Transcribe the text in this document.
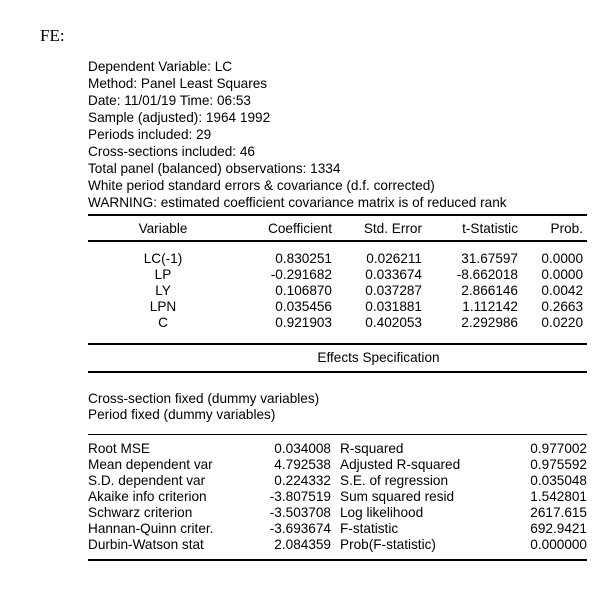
FE:
Dependent Variable: LC
Method: Panel Least Squares
Date: 11/01/19 Time: 06:53
Sample (adjusted): 1964 1992
Periods included: 29
Cross-sections included: 46
Total panel (balanced) observations: 1334
White period standard errors & covariance (d.f. corrected)
WARNING: estimated coefficient covariance matrix is of reduced rank
Variable	Coefficient	Std. Error	t-Statistic	Prob.
LC(-1)	0.830251	0.026211	31.67597	0.0000
LP	-0.291682	0.033674	-8.662018	0.0000
LY	0.106870	0.037287	2.866146	0.0042
LPN	0.035456	0.031881	1.112142	0.2663
C	0.921903	0.402053	2.292986	0.0220
Effects Specification
Cross-section fixed (dummy variables)
Period fixed (dummy variables)
Root MSE	0.034008 R-squared	0.977002
Mean dependent var	4.792538 Adjusted R-squared	0.975592
S.D. dependent var	0.224332 S.E. of regression	0.035048
Akaike info criterion	-3.807519 Sum squared resid	1.542801
Schwarz criterion	-3.503708 Log likelihood	2617.615
Hannan-Quinn criter.	-3.693674 F-statistic	692.9421
Durbin-Watson stat	2.084359 Prob(F-statistic)	0.000000
